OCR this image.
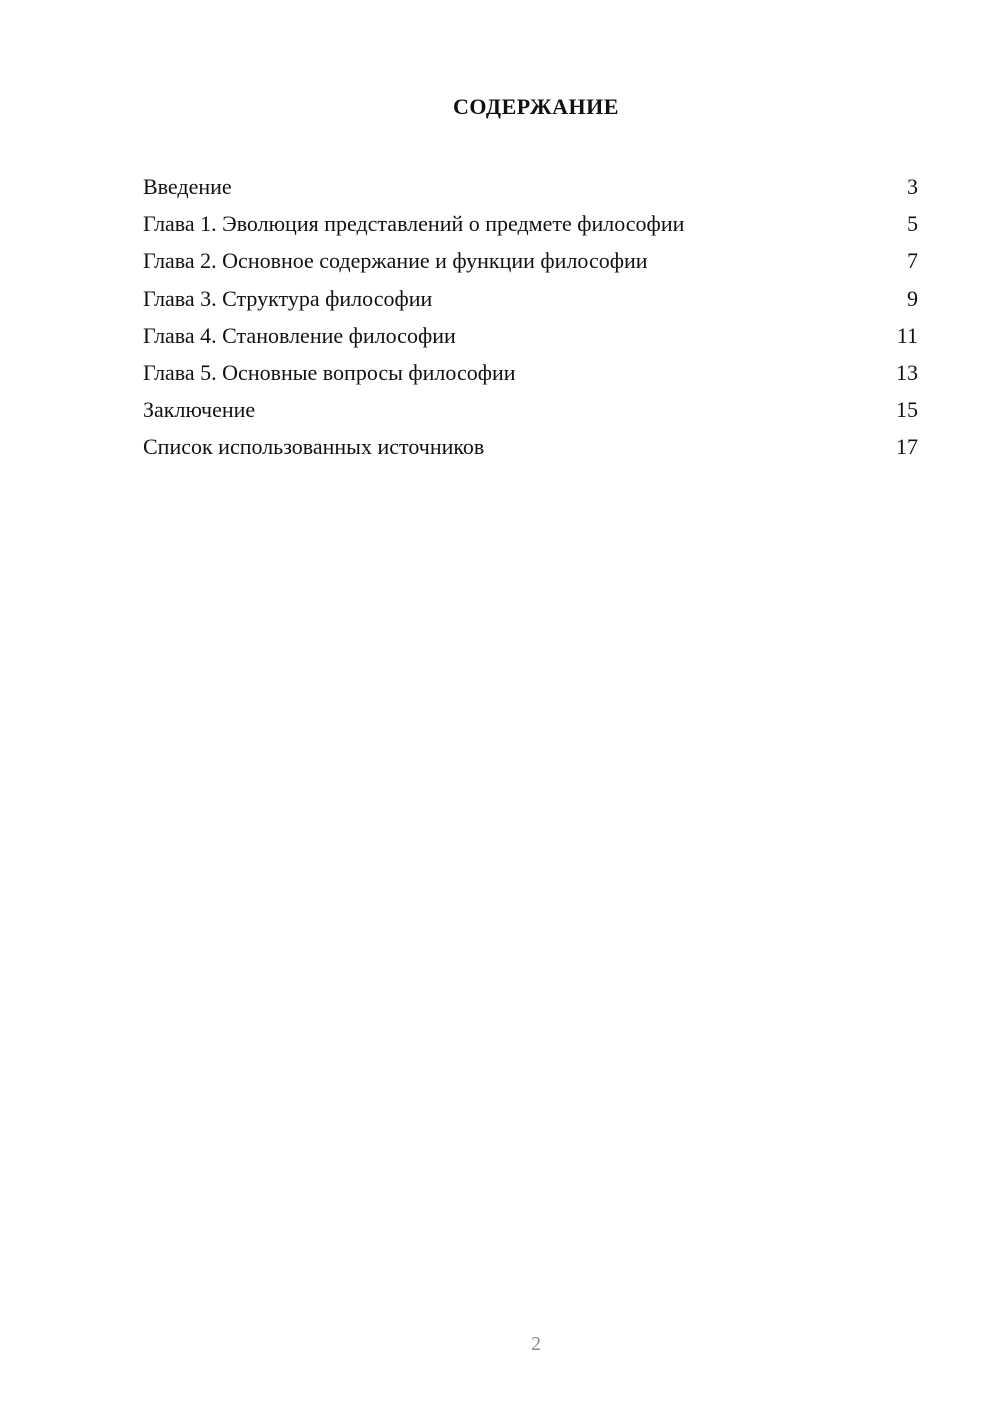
СОДЕРЖАНИЕ
Введение	3
Глава 1. Эволюция представлений о предмете философии	5
Глава 2. Основное содержание и функции философии	7
Глава 3. Структура философии	9
Глава 4. Становление философии	11
Глава 5. Основные вопросы философии	13
Заключение	15
Список использованных источников	17
2
